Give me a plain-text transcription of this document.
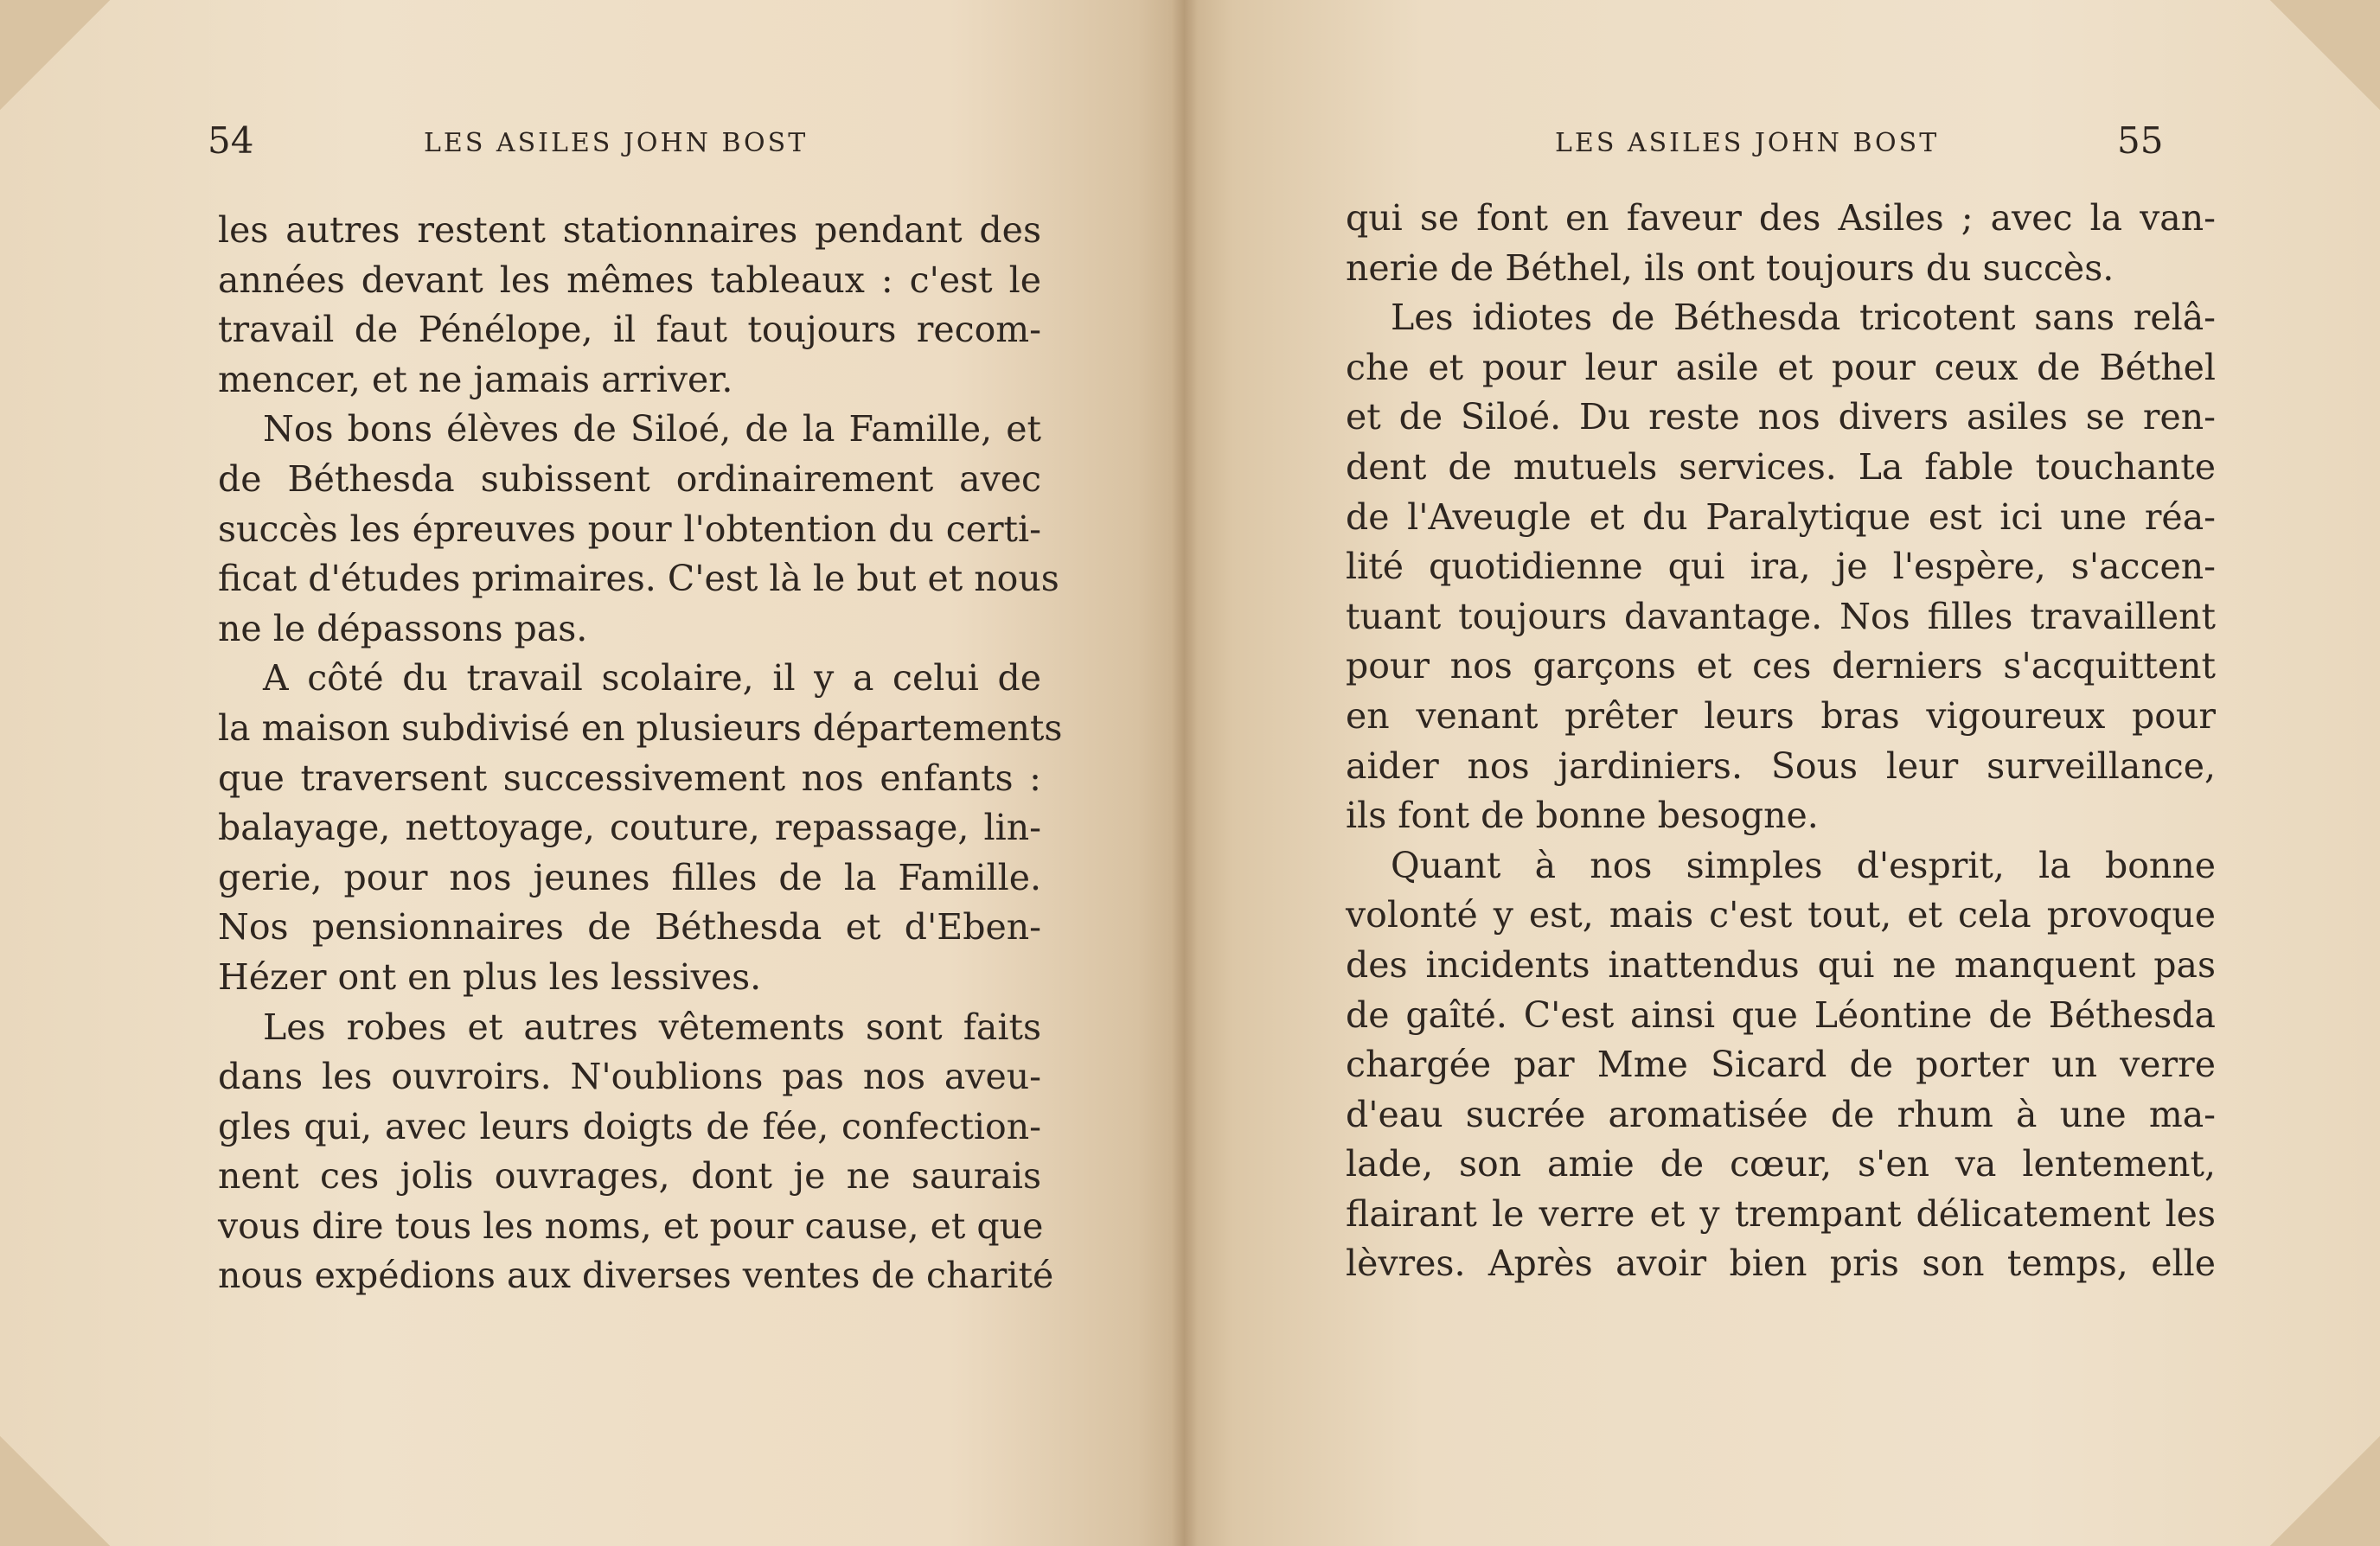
54	LES ASILES JOHN BOST
les autres restent stationnaires pendant des
années devant les mêmes tableaux : c'est le
travail de Pénélope, il faut toujours recom-
mencer, et ne jamais arriver.
Nos bons élèves de Siloé, de la Famille, et
de Béthesda subissent ordinairement avec
succès les épreuves pour l'obtention du certi-
ficat d'études primaires. C'est là le but et nous
ne le dépassons pas.
A côté du travail scolaire, il y a celui de
la maison subdivisé en plusieurs départements
que traversent successivement nos enfants :
balayage, nettoyage, couture, repassage, lin-
gerie, pour nos jeunes filles de la Famille.
Nos pensionnaires de Béthesda et d'Eben-
Hézer ont en plus les lessives.
Les robes et autres vêtements sont faits
dans les ouvroirs. N'oublions pas nos aveu-
gles qui, avec leurs doigts de fée, confection-
nent ces jolis ouvrages, dont je ne saurais
vous dire tous les noms, et pour cause, et que
nous expédions aux diverses ventes de charité
LES ASILES JOHN BOST	55
qui se font en faveur des Asiles ; avec la van-
nerie de Béthel, ils ont toujours du succès.
Les idiotes de Béthesda tricotent sans relâ-
che et pour leur asile et pour ceux de Béthel
et de Siloé. Du reste nos divers asiles se ren-
dent de mutuels services. La fable touchante
de l'Aveugle et du Paralytique est ici une réa-
lité quotidienne qui ira, je l'espère, s'accen-
tuant toujours davantage. Nos filles travaillent
pour nos garçons et ces derniers s'acquittent
en venant prêter leurs bras vigoureux pour
aider nos jardiniers. Sous leur surveillance,
ils font de bonne besogne.
Quant à nos simples d'esprit, la bonne
volonté y est, mais c'est tout, et cela provoque
des incidents inattendus qui ne manquent pas
de gaîté. C'est ainsi que Léontine de Béthesda
chargée par Mme Sicard de porter un verre
d'eau sucrée aromatisée de rhum à une ma-
lade, son amie de cœur, s'en va lentement,
flairant le verre et y trempant délicatement les
lèvres. Après avoir bien pris son temps, elle
